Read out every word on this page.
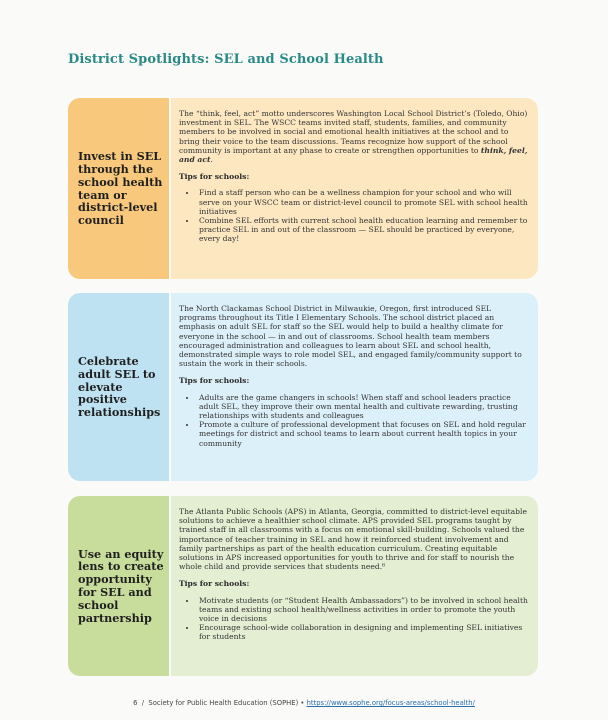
District Spotlights: SEL and School Health
Invest in SEL through the school health team or district-level council

The “think, feel, act” motto underscores Washington Local School District’s (Toledo, Ohio) investment in SEL. The WSCC teams invited staff, students, families, and community members to be involved in social and emotional health initiatives at the school and to bring their voice to the team discussions. Teams recognize how support of the school community is important at any phase to create or strengthen opportunities to think, feel, and act.

Tips for schools:

• Find a staff person who can be a wellness champion for your school and who will serve on your WSCC team or district-level council to promote SEL with school health initiatives
• Combine SEL efforts with current school health education learning and remember to practice SEL in and out of the classroom — SEL should be practiced by everyone, every day!
Celebrate adult SEL to elevate positive relationships

The North Clackamas School District in Milwaukie, Oregon, first introduced SEL programs throughout its Title I Elementary Schools. The school district placed an emphasis on adult SEL for staff so the SEL would help to build a healthy climate for everyone in the school — in and out of classrooms. School health team members encouraged administration and colleagues to learn about SEL and school health, demonstrated simple ways to role model SEL, and engaged family/community support to sustain the work in their schools.

Tips for schools:

• Adults are the game changers in schools! When staff and school leaders practice adult SEL, they improve their own mental health and cultivate rewarding, trusting relationships with students and colleagues
• Promote a culture of professional development that focuses on SEL and hold regular meetings for district and school teams to learn about current health topics in your community
Use an equity lens to create opportunity for SEL and school partnership

The Atlanta Public Schools (APS) in Atlanta, Georgia, committed to district-level equitable solutions to achieve a healthier school climate. APS provided SEL programs taught by trained staff in all classrooms with a focus on emotional skill-building. Schools valued the importance of teacher training in SEL and how it reinforced student involvement and family partnerships as part of the health education curriculum. Creating equitable solutions in APS increased opportunities for youth to thrive and for staff to nourish the whole child and provide services that students need.⁶

Tips for schools:

• Motivate students (or “Student Health Ambassadors”) to be involved in school health teams and existing school health/wellness activities in order to promote the youth voice in decisions
• Encourage school-wide collaboration in designing and implementing SEL initiatives for students
6 / Society for Public Health Education (SOPHE) • https://www.sophe.org/focus-areas/school-health/
